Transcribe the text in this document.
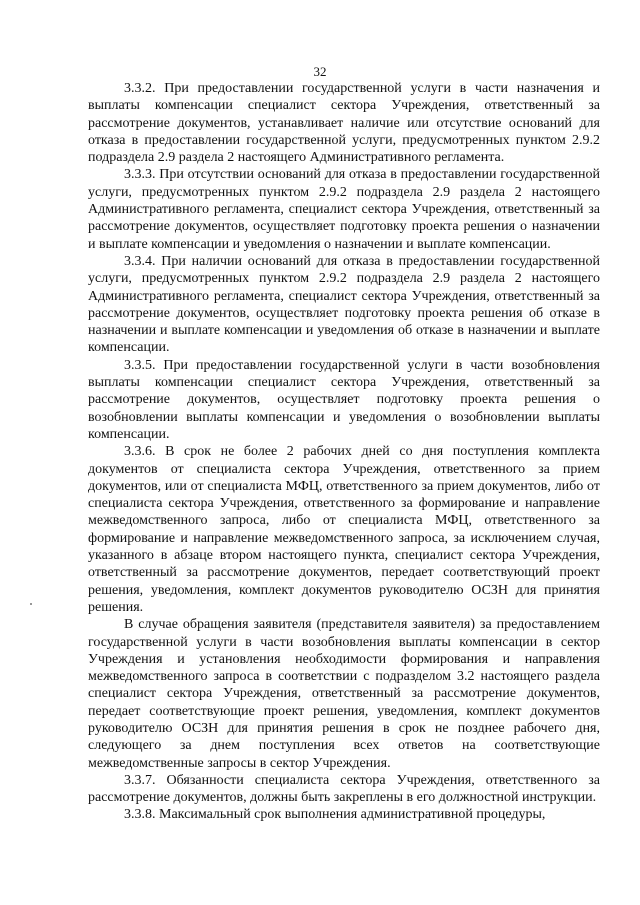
32

3.3.2. При предоставлении государственной услуги в части назначения и выплаты компенсации специалист сектора Учреждения, ответственный за рассмотрение документов, устанавливает наличие или отсутствие оснований для отказа в предоставлении государственной услуги, предусмотренных пунктом 2.9.2 подраздела 2.9 раздела 2 настоящего Административного регламента.

3.3.3. При отсутствии оснований для отказа в предоставлении государственной услуги, предусмотренных пунктом 2.9.2 подраздела 2.9 раздела 2 настоящего Административного регламента, специалист сектора Учреждения, ответственный за рассмотрение документов, осуществляет подготовку проекта решения о назначении и выплате компенсации и уведомления о назначении и выплате компенсации.

3.3.4. При наличии оснований для отказа в предоставлении государственной услуги, предусмотренных пунктом 2.9.2 подраздела 2.9 раздела 2 настоящего Административного регламента, специалист сектора Учреждения, ответственный за рассмотрение документов, осуществляет подготовку проекта решения об отказе в назначении и выплате компенсации и уведомления об отказе в назначении и выплате компенсации.

3.3.5. При предоставлении государственной услуги в части возобновления выплаты компенсации специалист сектора Учреждения, ответственный за рассмотрение документов, осуществляет подготовку проекта решения о возобновлении выплаты компенсации и уведомления о возобновлении выплаты компенсации.

3.3.6. В срок не более 2 рабочих дней со дня поступления комплекта документов от специалиста сектора Учреждения, ответственного за прием документов, или от специалиста МФЦ, ответственного за прием документов, либо от специалиста сектора Учреждения, ответственного за формирование и направление межведомственного запроса, либо от специалиста МФЦ, ответственного за формирование и направление межведомственного запроса, за исключением случая, указанного в абзаце втором настоящего пункта, специалист сектора Учреждения, ответственный за рассмотрение документов, передает соответствующий проект решения, уведомления, комплект документов руководителю ОСЗН для принятия решения.

В случае обращения заявителя (представителя заявителя) за предоставлением государственной услуги в части возобновления выплаты компенсации в сектор Учреждения и установления необходимости формирования и направления межведомственного запроса в соответствии с подразделом 3.2 настоящего раздела специалист сектора Учреждения, ответственный за рассмотрение документов, передает соответствующие проект решения, уведомления, комплект документов руководителю ОСЗН для принятия решения в срок не позднее рабочего дня, следующего за днем поступления всех ответов на соответствующие межведомственные запросы в сектор Учреждения.

3.3.7. Обязанности специалиста сектора Учреждения, ответственного за рассмотрение документов, должны быть закреплены в его должностной инструкции.

3.3.8. Максимальный срок выполнения административной процедуры,
